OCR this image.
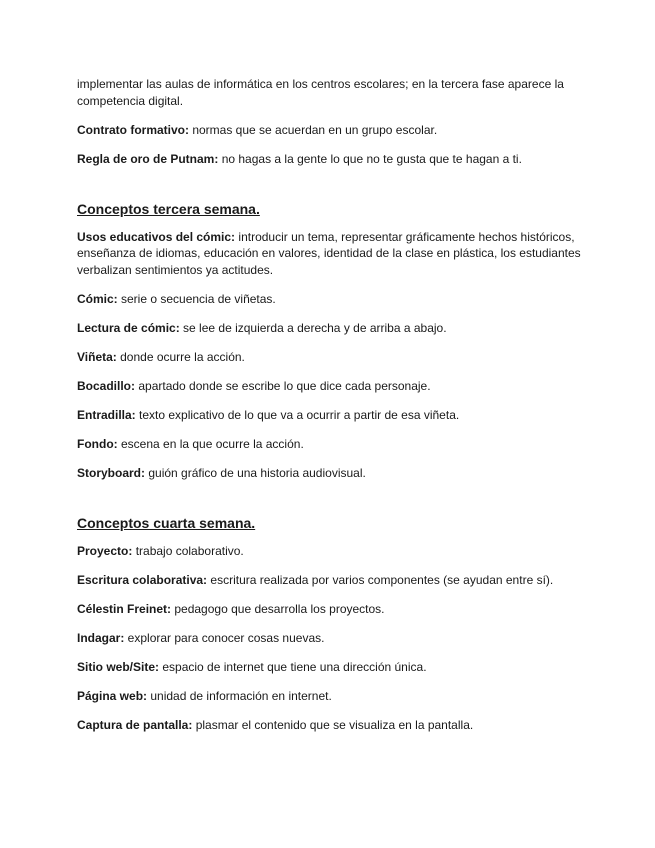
implementar las aulas de informática en los centros escolares; en la tercera fase aparece la competencia digital.

Contrato formativo: normas que se acuerdan en un grupo escolar.

Regla de oro de Putnam: no hagas a la gente lo que no te gusta que te hagan a ti.

Conceptos tercera semana.

Usos educativos del cómic: introducir un tema, representar gráficamente hechos históricos, enseñanza de idiomas, educación en valores, identidad de la clase en plástica, los estudiantes verbalizan sentimientos ya actitudes.

Cómic: serie o secuencia de viñetas.

Lectura de cómic: se lee de izquierda a derecha y de arriba a abajo.

Viñeta: donde ocurre la acción.

Bocadillo: apartado donde se escribe lo que dice cada personaje.

Entradilla: texto explicativo de lo que va a ocurrir a partir de esa viñeta.

Fondo: escena en la que ocurre la acción.

Storyboard: guión gráfico de una historia audiovisual.

Conceptos cuarta semana.

Proyecto: trabajo colaborativo.

Escritura colaborativa: escritura realizada por varios componentes (se ayudan entre sí).

Célestin Freinet: pedagogo que desarrolla los proyectos.

Indagar: explorar para conocer cosas nuevas.

Sitio web/Site: espacio de internet que tiene una dirección única.

Página web: unidad de información en internet.

Captura de pantalla: plasmar el contenido que se visualiza en la pantalla.
